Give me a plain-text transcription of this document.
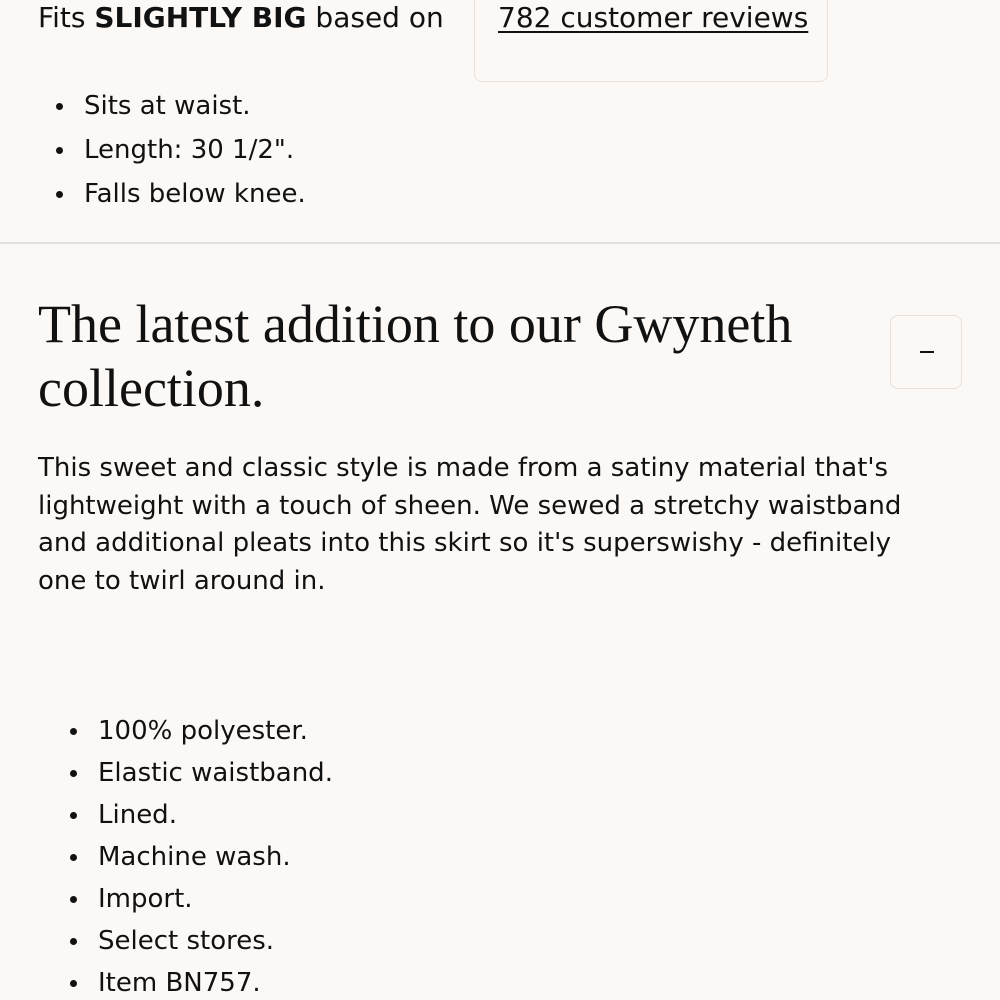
Fits SLIGHTLY BIG based on 782 customer reviews
Sits at waist.
Length: 30 1/2".
Falls below knee.
The latest addition to our Gwyneth collection.

This sweet and classic style is made from a satiny material that's lightweight with a touch of sheen. We sewed a stretchy waistband and additional pleats into this skirt so it's superswishy - definitely one to twirl around in.

100% polyester.
Elastic waistband.
Lined.
Machine wash.
Import.
Select stores.
Item BN757.
